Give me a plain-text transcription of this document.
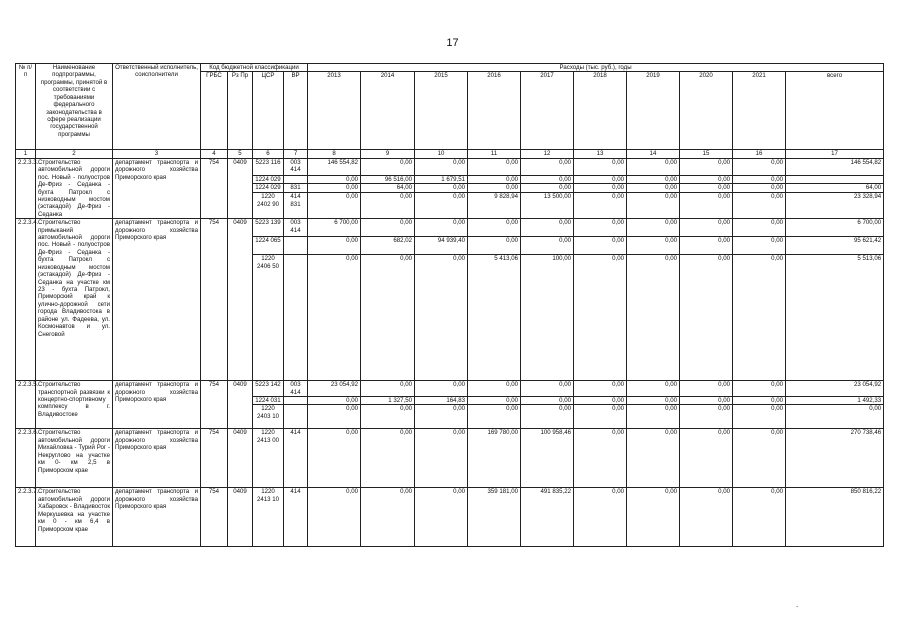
17
№ п/п	Наименование подпрограммы, программы, принятой в соответствии с требованиями федерального законодательства в сфере реализации государственной программы	Ответственный исполнитель, соисполнители	Код бюджетной классификации				Расходы (тыс. руб.), годы									
			ГРБС	Рз Пр	ЦСР	ВР	2013	2014	2015	2016	2017	2018	2019	2020	2021	всего
1	2	3	4	5	6	7	8	9	10	11	12	13	14	15	16	17
2.2.3.3.	Строительство автомобильной дороги пос. Новый - полуостров Де-Фриз - Седанка - бухта Патрокл с низководным мостом (эстакадой) Де-Фриз - Седанка	департамент транспорта и дорожного хозяйства Приморского края	754	0409	5223 116	003 414	146 554,82	0,00	0,00	0,00	0,00	0,00	0,00	0,00	0,00	146 554,82
					1224 029		0,00	96 516,00	1 679,51	0,00	0,00	0,00	0,00	0,00	0,00	
					1224 029	831	0,00	64,00	0,00	0,00	0,00	0,00	0,00	0,00	0,00	64,00
					1220 2402 90	414 831	0,00	0,00	0,00	9 828,94	13 500,00	0,00	0,00	0,00	0,00	23 328,94
2.2.3.4.	Строительство примыканий автомобильной дороги пос. Новый - полуостров Де-Фриз - Седанка - бухта Патрокл с низководным мостом (эстакадой) Де-Фриз - Седанка на участке км 23 - бухта Патрокл, Приморский край к улично-дорожной сети города Владивостока в районе ул. Фадеева, ул. Космонавтов и ул. Снеговой	департамент транспорта и дорожного хозяйства Приморского края	754	0409	5223 139	003 414	6 700,00	0,00	0,00	0,00	0,00	0,00	0,00	0,00	0,00	6 700,00
					1224 065		0,00	682,02	94 939,40	0,00	0,00	0,00	0,00	0,00	0,00	95 621,42
					1220 2406 50		0,00	0,00	0,00	5 413,06	100,00	0,00	0,00	0,00	0,00	5 513,06
2.2.3.5.	Строительство транспортной развязки к концертно-спортивному комплексу в г. Владивостоке	департамент транспорта и дорожного хозяйства Приморского края	754	0409	5223 142	003 414	23 054,92	0,00	0,00	0,00	0,00	0,00	0,00	0,00	0,00	23 054,92
					1224 031		0,00	1 327,50	164,83	0,00	0,00	0,00	0,00	0,00	0,00	1 492,33
					1220 2403 10		0,00	0,00	0,00	0,00	0,00	0,00	0,00	0,00	0,00	0,00
2.2.3.6.	Строительство автомобильной дороги Михайловка - Турий Рог - Некруглово на участке км 0- км 2,5 в Приморском крае	департамент транспорта и дорожного хозяйства Приморского края	754	0409	1220 2413 00	414	0,00	0,00	0,00	169 780,00	100 958,46	0,00	0,00	0,00	0,00	270 738,46
2.2.3.7.	Строительство автомобильной дороги Хабаровск - Владивосток Меркушевка на участке км 0 - км 6,4 в Приморском крае	департамент транспорта и дорожного хозяйства Приморского края	754	0409	1220 2413 10	414	0,00	0,00	0,00	359 181,00	491 835,22	0,00	0,00	0,00	0,00	850 816,22
.
